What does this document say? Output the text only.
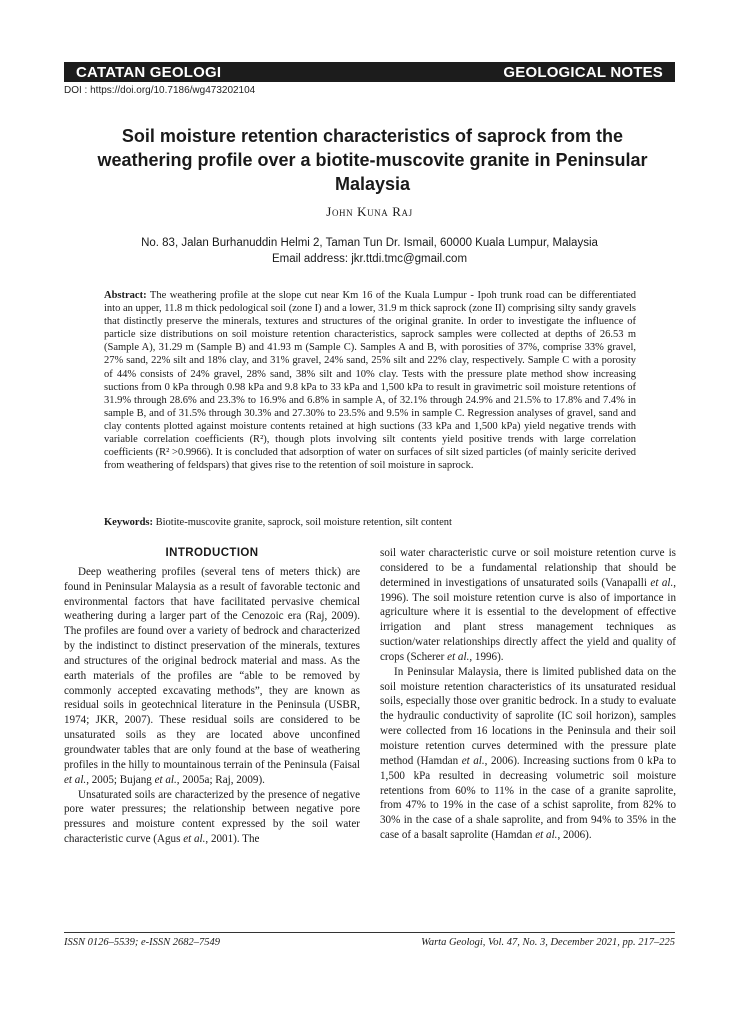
CATATAN GEOLOGI	GEOLOGICAL NOTES
DOI : https://doi.org/10.7186/wg473202104
Soil moisture retention characteristics of saprock from the weathering profile over a biotite-muscovite granite in Peninsular Malaysia
John Kuna Raj
No. 83, Jalan Burhanuddin Helmi 2, Taman Tun Dr. Ismail, 60000 Kuala Lumpur, Malaysia
Email address: jkr.ttdi.tmc@gmail.com
Abstract: The weathering profile at the slope cut near Km 16 of the Kuala Lumpur - Ipoh trunk road can be differentiated into an upper, 11.8 m thick pedological soil (zone I) and a lower, 31.9 m thick saprock (zone II) comprising silty sandy gravels that distinctly preserve the minerals, textures and structures of the original granite. In order to investigate the influence of particle size distributions on soil moisture retention characteristics, saprock samples were collected at depths of 26.53 m (Sample A), 31.29 m (Sample B) and 41.93 m (Sample C). Samples A and B, with porosities of 37%, comprise 33% gravel, 27% sand, 22% silt and 18% clay, and 31% gravel, 24% sand, 25% silt and 22% clay, respectively. Sample C with a porosity of 44% consists of 24% gravel, 28% sand, 38% silt and 10% clay. Tests with the pressure plate method show increasing suctions from 0 kPa through 0.98 kPa and 9.8 kPa to 33 kPa and 1,500 kPa to result in gravimetric soil moisture retentions of 31.9% through 28.6% and 23.3% to 16.9% and 6.8% in sample A, of 32.1% through 24.9% and 21.5% to 17.8% and 7.4% in sample B, and of 31.5% through 30.3% and 27.30% to 23.5% and 9.5% in sample C. Regression analyses of gravel, sand and clay contents plotted against moisture contents retained at high suctions (33 kPa and 1,500 kPa) yield negative trends with variable correlation coefficients (R²), though plots involving silt contents yield positive trends with large correlation coefficients (R² >0.9966). It is concluded that adsorption of water on surfaces of silt sized particles (of mainly sericite derived from weathering of feldspars) that gives rise to the retention of soil moisture in saprock.
Keywords: Biotite-muscovite granite, saprock, soil moisture retention, silt content
INTRODUCTION

Deep weathering profiles (several tens of meters thick) are found in Peninsular Malaysia as a result of favorable tectonic and environmental factors that have facilitated pervasive chemical weathering during a larger part of the Cenozoic era (Raj, 2009). The profiles are found over a variety of bedrock and characterized by the indistinct to distinct preservation of the minerals, textures and structures of the original bedrock material and mass. As the earth materials of the profiles are “able to be removed by commonly accepted excavating methods”, they are known as residual soils in geotechnical literature in the Peninsula (USBR, 1974; JKR, 2007). These residual soils are considered to be unsaturated soils as they are located above unconfined groundwater tables that are only found at the base of weathering profiles in the hilly to mountainous terrain of the Peninsula (Faisal et al., 2005; Bujang et al., 2005a; Raj, 2009).

Unsaturated soils are characterized by the presence of negative pore water pressures; the relationship between negative pore pressures and moisture content expressed by the soil water characteristic curve (Agus et al., 2001). The

soil water characteristic curve or soil moisture retention curve is considered to be a fundamental relationship that should be determined in investigations of unsaturated soils (Vanapalli et al., 1996). The soil moisture retention curve is also of importance in agriculture where it is essential to the development of effective irrigation and plant stress management techniques as suction/water relationships directly affect the yield and quality of crops (Scherer et al., 1996).

In Peninsular Malaysia, there is limited published data on the soil moisture retention characteristics of its unsaturated residual soils, especially those over granitic bedrock. In a study to evaluate the hydraulic conductivity of saprolite (IC soil horizon), samples were collected from 16 locations in the Peninsula and their soil moisture retention curves determined with the pressure plate method (Hamdan et al., 2006). Increasing suctions from 0 kPa to 1,500 kPa resulted in decreasing volumetric soil moisture retentions from 60% to 11% in the case of a granite saprolite, from 47% to 19% in the case of a schist saprolite, from 82% to 30% in the case of a shale saprolite, and from 94% to 35% in the case of a basalt saprolite (Hamdan et al., 2006).

ISSN 0126–5539; e-ISSN 2682–7549	Warta Geologi, Vol. 47, No. 3, December 2021, pp. 217–225
